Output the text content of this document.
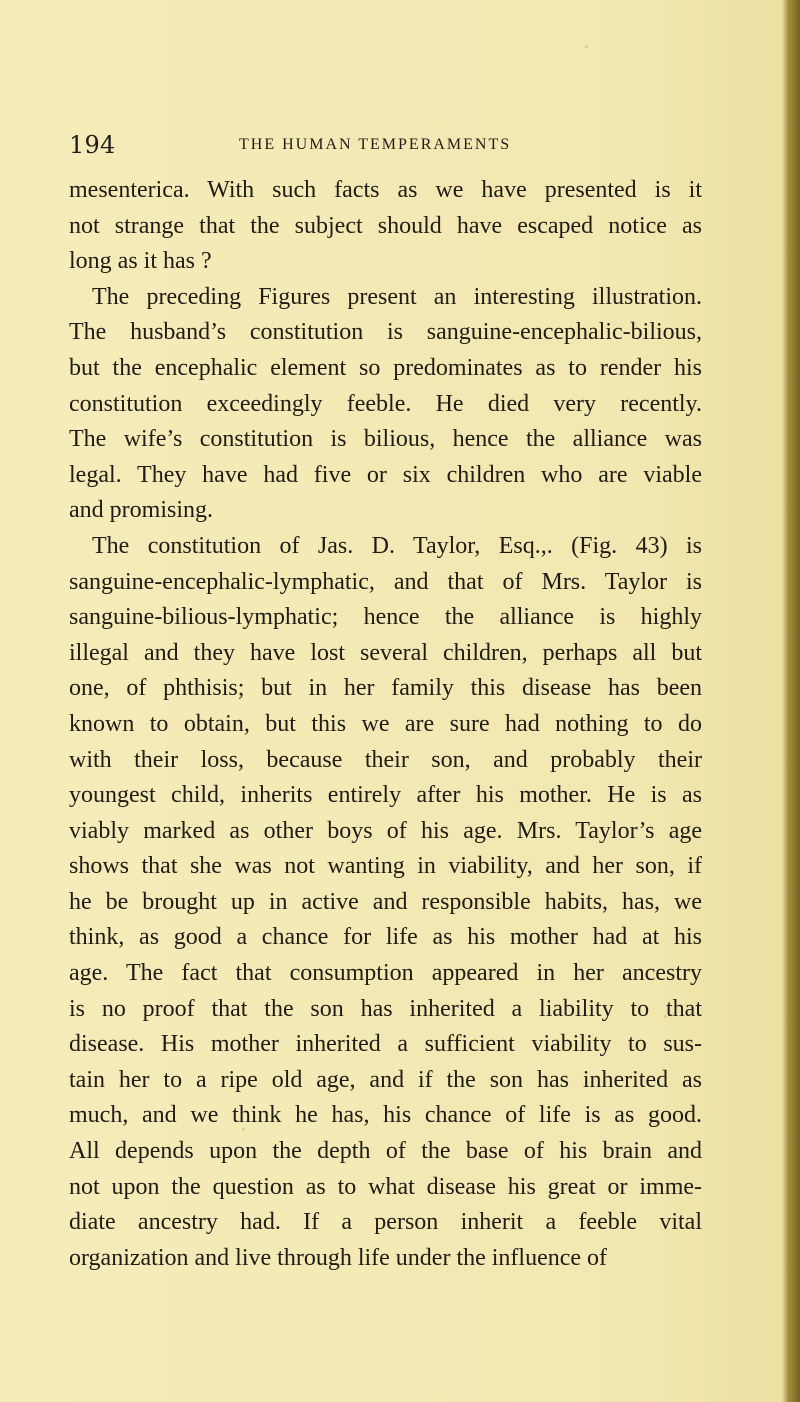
194	THE HUMAN TEMPERAMENTS
mesenterica. With such facts as we have presented is it
not strange that the subject should have escaped notice as
long as it has ?
The preceding Figures present an interesting illustration.
The husband’s constitution is sanguine-encephalic-bilious,
but the encephalic element so predominates as to render his
constitution exceedingly feeble. He died very recently.
The wife’s constitution is bilious, hence the alliance was
legal. They have had five or six children who are viable
and promising.
The constitution of Jas. D. Taylor, Esq.,. (Fig. 43) is
sanguine-encephalic-lymphatic, and that of Mrs. Taylor is
sanguine-bilious-lymphatic; hence the alliance is highly
illegal and they have lost several children, perhaps all but
one, of phthisis; but in her family this disease has been
known to obtain, but this we are sure had nothing to do
with their loss, because their son, and probably their
youngest child, inherits entirely after his mother. He is as
viably marked as other boys of his age. Mrs. Taylor’s age
shows that she was not wanting in viability, and her son, if
he be brought up in active and responsible habits, has, we
think, as good a chance for life as his mother had at his
age. The fact that consumption appeared in her ancestry
is no proof that the son has inherited a liability to that
disease. His mother inherited a sufficient viability to sus-
tain her to a ripe old age, and if the son has inherited as
much, and we think he has, his chance of life is as good.
All depends upon the depth of the base of his brain and
not upon the question as to what disease his great or imme-
diate ancestry had. If a person inherit a feeble vital
organization and live through life under the influence of
